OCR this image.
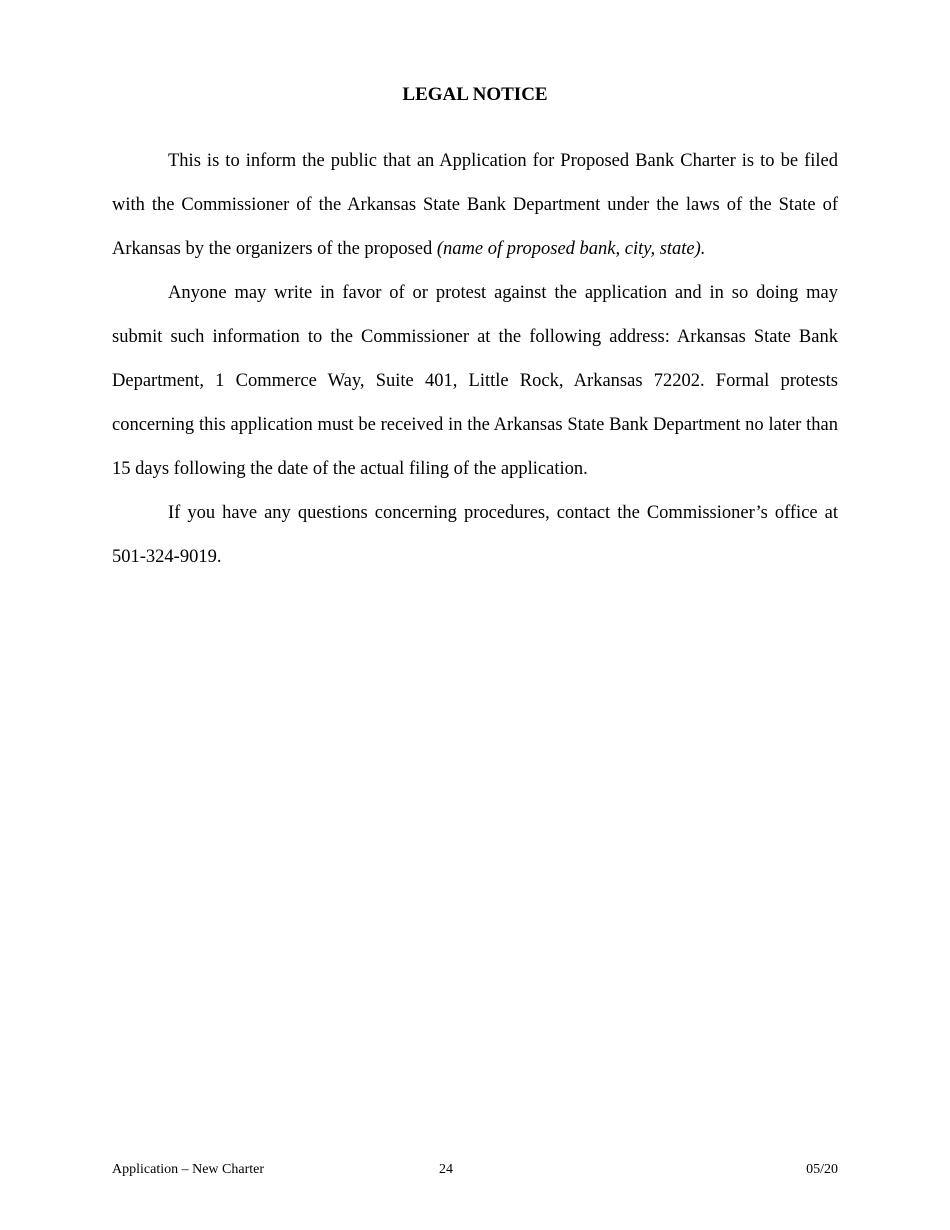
LEGAL NOTICE

This is to inform the public that an Application for Proposed Bank Charter is to be filed with the Commissioner of the Arkansas State Bank Department under the laws of the State of Arkansas by the organizers of the proposed (name of proposed bank, city, state).

Anyone may write in favor of or protest against the application and in so doing may submit such information to the Commissioner at the following address: Arkansas State Bank Department, 1 Commerce Way, Suite 401, Little Rock, Arkansas 72202. Formal protests concerning this application must be received in the Arkansas State Bank Department no later than 15 days following the date of the actual filing of the application.

If you have any questions concerning procedures, contact the Commissioner’s office at 501-324-9019.

Application – New Charter	24	05/20
